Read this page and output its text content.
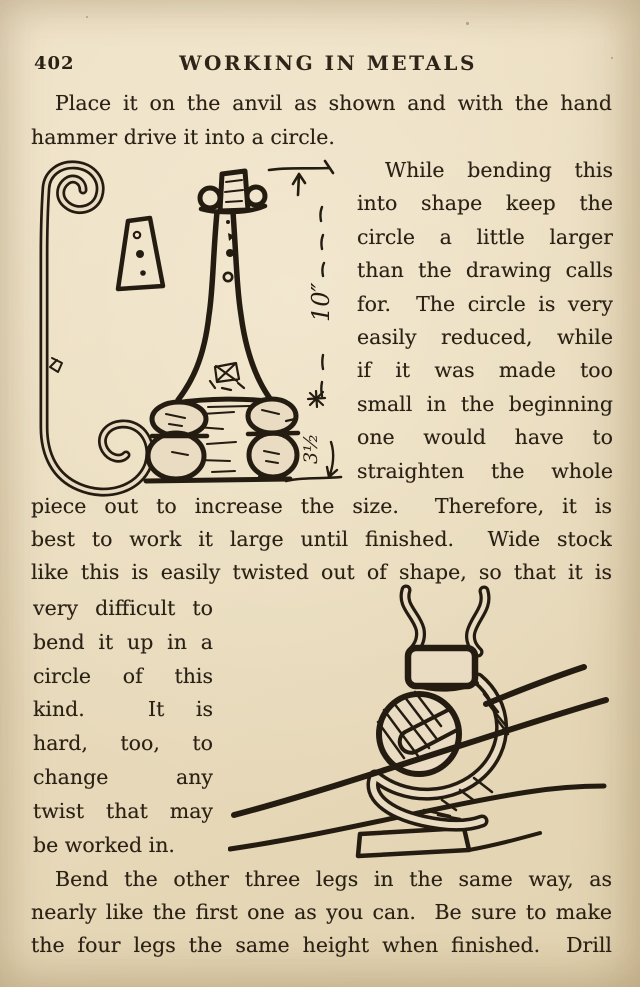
402	WORKING IN METALS
Place it on the anvil as shown and with the hand
hammer drive it into a circle.
10″
3½
While bending this
into shape keep the
circle a little larger
than the drawing calls
for.  The circle is very
easily reduced, while
if it was made too
small in the beginning
one would have to
straighten the whole
piece out to increase the size.  Therefore, it is
best to work it large until finished.  Wide stock
like this is easily twisted out of shape, so that it is
very difficult to
bend it up in a
circle of this
kind.  It is
hard, too, to
change any
twist that may
be worked in.
Bend the other three legs in the same way, as
nearly like the first one as you can.  Be sure to make
the four legs the same height when finished.  Drill
